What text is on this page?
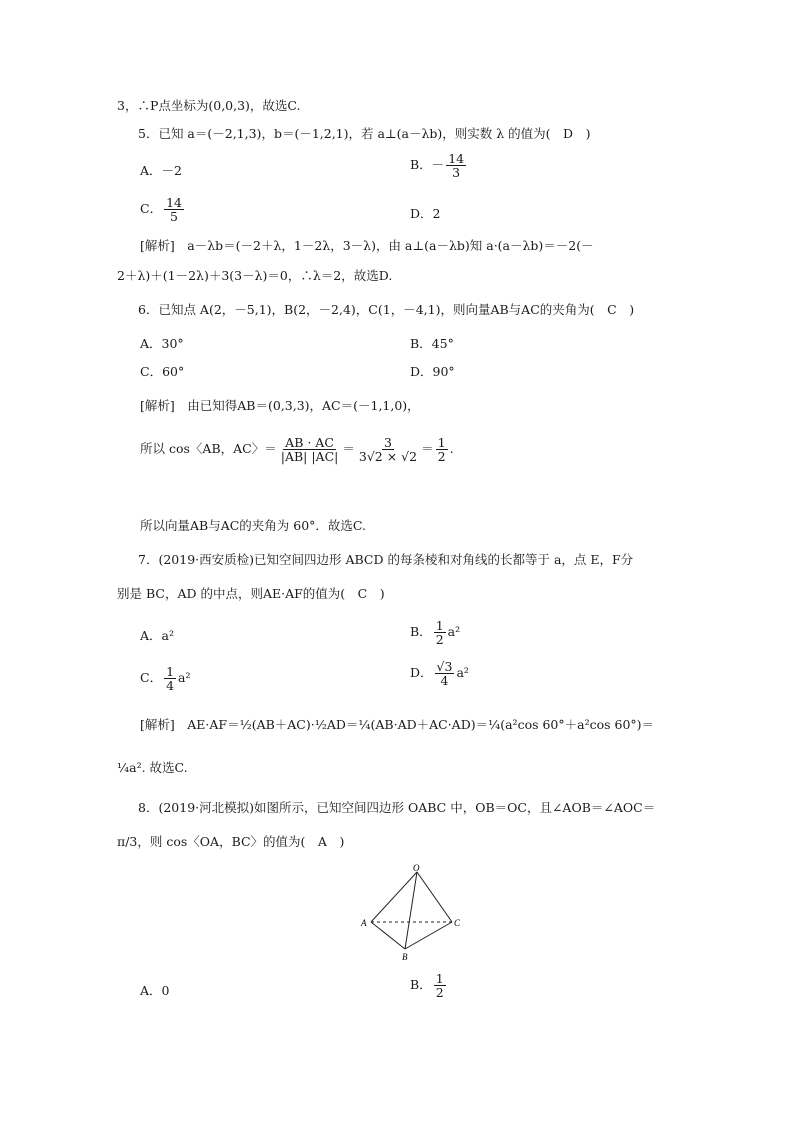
3，∴P点坐标为(0,0,3)，故选C.
5．已知 a＝(－2,1,3)，b＝(－1,2,1)，若 a⊥(a－λb)，则实数 λ 的值为(　D　)
A．－2	B．－ $\frac{14}{3}$
C． $\frac{14}{5}$	D．2
[解析]　a－λb＝(－2＋λ，1－2λ，3－λ)，由 a⊥(a－λb)知 a·(a－λb)＝－2(－
2＋λ)＋(1－2λ)＋3(3－λ)＝0，∴λ＝2，故选D.
6．已知点 A(2，－5,1)，B(2，－2,4)，C(1，－4,1)，则向量AB与AC的夹角为(　C　)
A．30°	B．45°
C．60°	D．90°
[解析]　由已知得AB＝(0,3,3)，AC＝(－1,1,0)，
所以 cos〈AB，AC〉＝ $\frac{AB \cdot AC}{|AB| |AC|} = \frac{3}{3√2 \times √2} = \frac{1}{2}$ .
所以向量AB与AC的夹角为 60°．故选C.
7．(2019·西安质检)已知空间四边形 ABCD 的每条棱和对角线的长都等于 a，点 E，F分
别是 BC，AD 的中点，则AE·AF的值为(　C　)
A．a²	B． $\frac{1}{2} a^2$
C． $\frac{1}{4} a^2$	D． $\frac{√3}{4} a^2$
[解析]　AE·AF＝½(AB＋AC)·½AD＝¼(AB·AD＋AC·AD)＝¼(a²cos 60°＋a²cos 60°)＝
¼a². 故选C.
8．(2019·河北模拟)如图所示，已知空间四边形 OABC 中，OB＝OC，且∠AOB＝∠AOC＝
π/3，则 cos〈OA，BC〉的值为(　A　)
O
A
B
C
A．0	B． $\frac{1}{2}$
